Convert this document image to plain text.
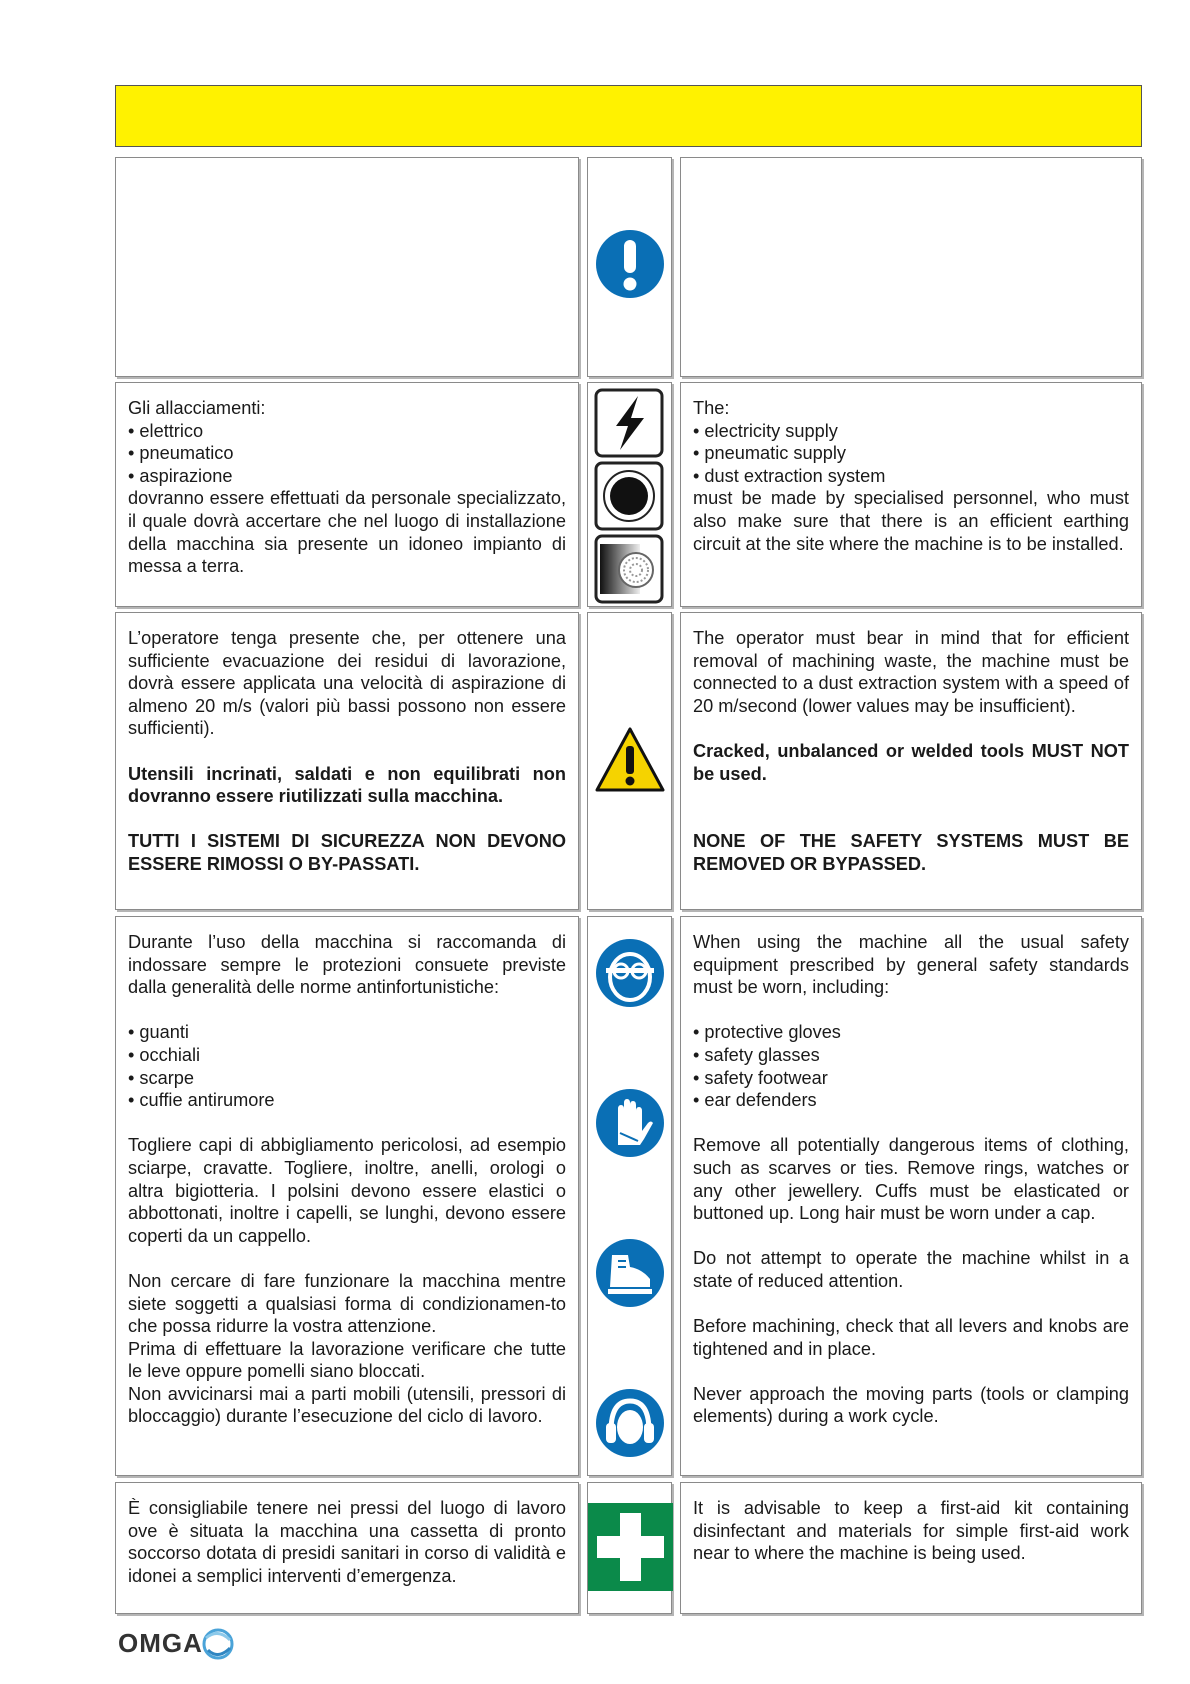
Gli allacciamenti:
• elettrico
• pneumatico
• aspirazione
dovranno essere effettuati da personale specializzato, il quale dovrà accertare che nel luogo di installazione della macchina sia presente un idoneo impianto di messa a terra.
The:
• electricity supply
• pneumatic supply
• dust extraction system
must be made by specialised personnel, who must also make sure that there is an efficient earthing circuit at the site where the machine is to be installed.
L’operatore tenga presente che, per ottenere una sufficiente evacuazione dei residui di lavorazione, dovrà essere applicata una velocità di aspirazione di almeno 20 m/s (valori più bassi possono non essere sufficienti).
Utensili incrinati, saldati e non equilibrati non dovranno essere riutilizzati sulla macchina.
TUTTI I SISTEMI DI SICUREZZA NON DEVONO ESSERE RIMOSSI O BY-PASSATI.
The operator must bear in mind that for efficient removal of machining waste, the machine must be connected to a dust extraction system with a speed of 20 m/second (lower values may be insufficient).
Cracked, unbalanced or welded tools MUST NOT be used.
NONE OF THE SAFETY SYSTEMS MUST BE REMOVED OR BYPASSED.
Durante l’uso della macchina si raccomanda di indossare sempre le protezioni consuete previste dalla generalità delle norme antinfortunistiche:
• guanti
• occhiali
• scarpe
• cuffie antirumore
Togliere capi di abbigliamento pericolosi, ad esempio sciarpe, cravatte. Togliere, inoltre, anelli, orologi o altra bigiotteria. I polsini devono essere elastici o abbottonati, inoltre i capelli, se lunghi, devono essere coperti da un cappello.
Non cercare di fare funzionare la macchina mentre siete soggetti a qualsiasi forma di condizionamen-to che possa ridurre la vostra attenzione.
Prima di effettuare la lavorazione verificare che tutte le leve oppure pomelli siano bloccati.
Non avvicinarsi mai a parti mobili (utensili, pressori di bloccaggio) durante l’esecuzione del ciclo di lavoro.
When using the machine all the usual safety equipment prescribed by general safety standards must be worn, including:
• protective gloves
• safety glasses
• safety footwear
• ear defenders
Remove all potentially dangerous items of clothing, such as scarves or ties. Remove rings, watches or any other jewellery. Cuffs must be elasticated or buttoned up. Long hair must be worn under a cap.
Do not attempt to operate the machine whilst in a state of reduced attention.
Before machining, check that all levers and knobs are tightened and in place.
Never approach the moving parts (tools or clamping elements) during a work cycle.
È consigliabile tenere nei pressi del luogo di lavoro ove è situata la macchina una cassetta di pronto soccorso dotata di presidi sanitari in corso di validità e idonei a semplici interventi d’emergenza.
It is advisable to keep a first-aid kit containing disinfectant and materials for simple first-aid work near to where the machine is being used.
OMGA
